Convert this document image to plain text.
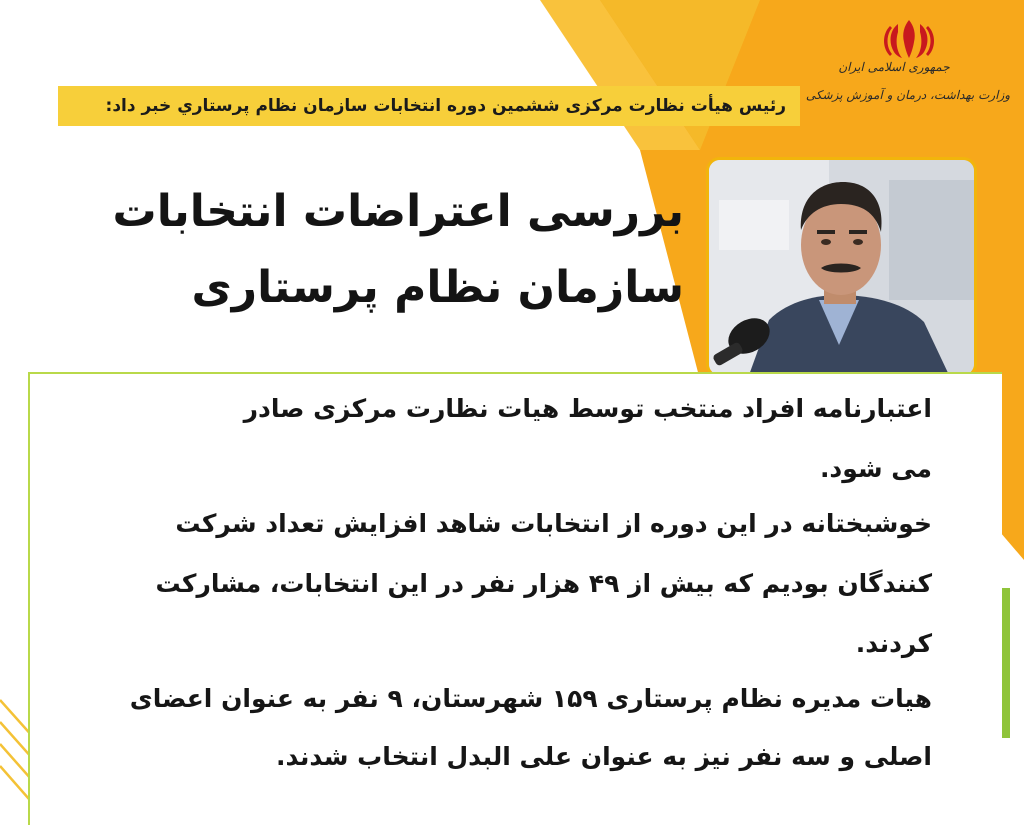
جمهوری اسلامی ایران
وزارت بهداشت، درمان و آموزش پزشکی
رئیس هیأت نظارت مرکزی ششمین دوره انتخابات سازمان نظام پرستاري خبر داد:
بررسی اعتراضات انتخابات
سازمان نظام پرستاری
اعتبارنامه افراد منتخب توسط هیات نظارت مرکزی صادر
می شود.
خوشبختانه در این دوره از انتخابات شاهد افزایش تعداد شرکت
کنندگان بودیم که بیش از ۴۹ هزار نفر در این انتخابات، مشارکت
کردند.
هیات مدیره نظام پرستاری ۱۵۹ شهرستان، ۹ نفر به عنوان اعضای
اصلی و سه نفر نیز به عنوان علی البدل انتخاب شدند.
